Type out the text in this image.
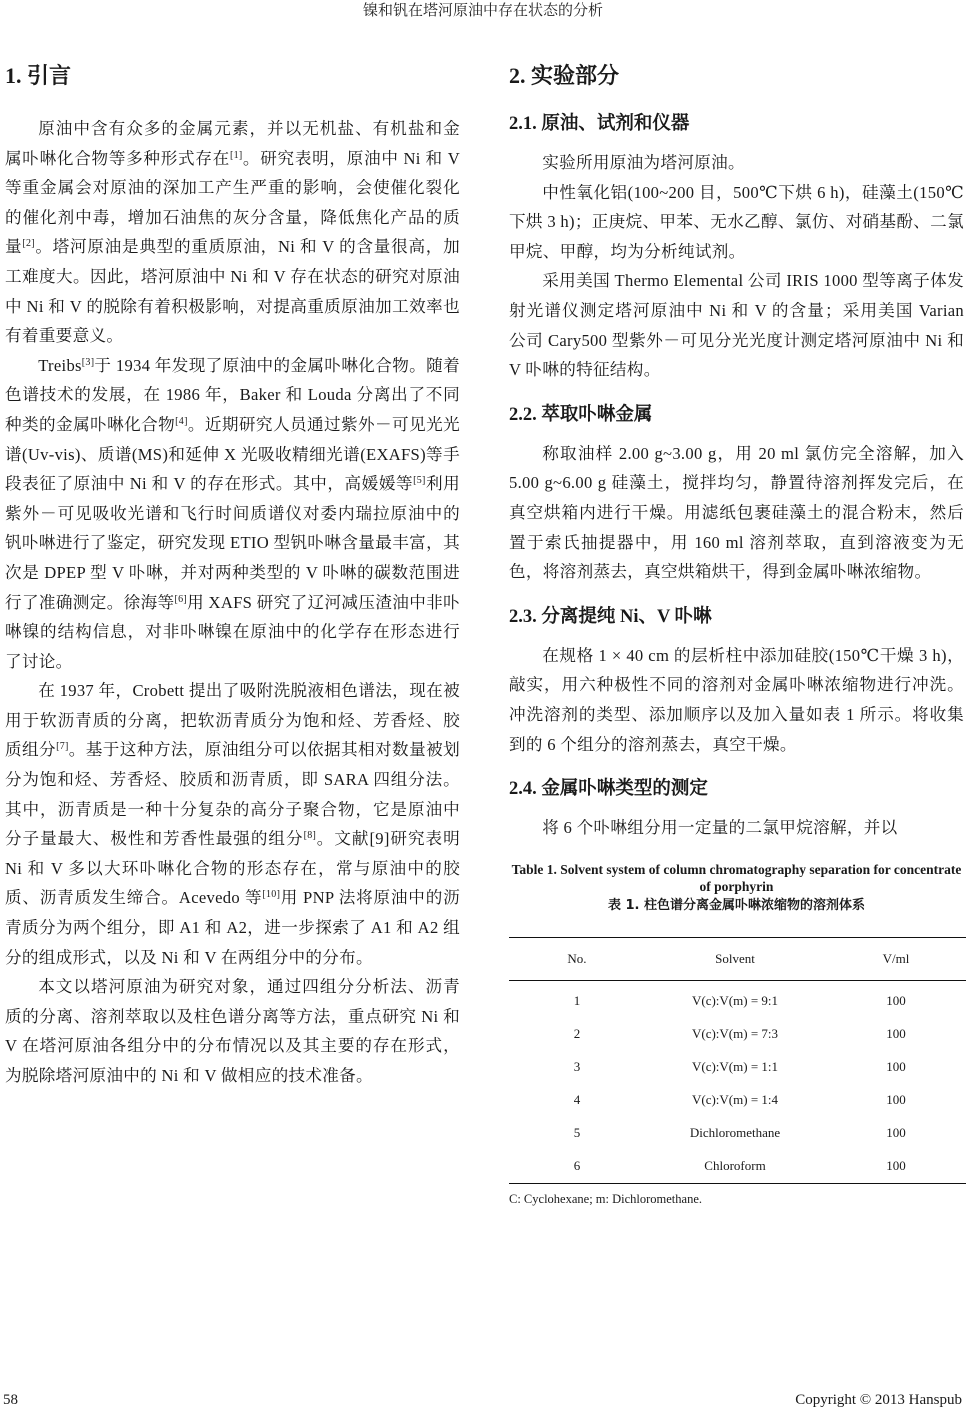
镍和钒在塔河原油中存在状态的分析
1. 引言

原油中含有众多的金属元素，并以无机盐、有机盐和金属卟啉化合物等多种形式存在[1]。研究表明，原油中 Ni 和 V 等重金属会对原油的深加工产生严重的影响，会使催化裂化的催化剂中毒，增加石油焦的灰分含量，降低焦化产品的质量[2]。塔河原油是典型的重质原油，Ni 和 V 的含量很高，加工难度大。因此，塔河原油中 Ni 和 V 存在状态的研究对原油中 Ni 和 V 的脱除有着积极影响，对提高重质原油加工效率也有着重要意义。

Treibs[3]于 1934 年发现了原油中的金属卟啉化合物。随着色谱技术的发展，在 1986 年，Baker 和 Louda 分离出了不同种类的金属卟啉化合物[4]。近期研究人员通过紫外－可见光光谱(Uv-vis)、质谱(MS)和延伸 X 光吸收精细光谱(EXAFS)等手段表征了原油中 Ni 和 V 的存在形式。其中，高媛媛等[5]利用紫外－可见吸收光谱和飞行时间质谱仪对委内瑞拉原油中的钒卟啉进行了鉴定，研究发现 ETIO 型钒卟啉含量最丰富，其次是 DPEP 型 V 卟啉，并对两种类型的 V 卟啉的碳数范围进行了准确测定。徐海等[6]用 XAFS 研究了辽河减压渣油中非卟啉镍的结构信息，对非卟啉镍在原油中的化学存在形态进行了讨论。

在 1937 年，Crobett 提出了吸附洗脱液相色谱法，现在被用于软沥青质的分离，把软沥青质分为饱和烃、芳香烃、胶质组分[7]。基于这种方法，原油组分可以依据其相对数量被划分为饱和烃、芳香烃、胶质和沥青质，即 SARA 四组分法。其中，沥青质是一种十分复杂的高分子聚合物，它是原油中分子量最大、极性和芳香性最强的组分[8]。文献[9]研究表明 Ni 和 V 多以大环卟啉化合物的形态存在，常与原油中的胶质、沥青质发生缔合。Acevedo 等[10]用 PNP 法将原油中的沥青质分为两个组分，即 A1 和 A2，进一步探索了 A1 和 A2 组分的组成形式，以及 Ni 和 V 在两组分中的分布。

本文以塔河原油为研究对象，通过四组分分析法、沥青质的分离、溶剂萃取以及柱色谱分离等方法，重点研究 Ni 和 V 在塔河原油各组分中的分布情况以及其主要的存在形式，为脱除塔河原油中的 Ni 和 V 做相应的技术准备。

2. 实验部分
2.1. 原油、试剂和仪器

实验所用原油为塔河原油。

中性氧化铝(100~200 目，500℃下烘 6 h)，硅藻土(150℃下烘 3 h)；正庚烷、甲苯、无水乙醇、氯仿、对硝基酚、二氯甲烷、甲醇，均为分析纯试剂。

采用美国 Thermo Elemental 公司 IRIS 1000 型等离子体发射光谱仪测定塔河原油中 Ni 和 V 的含量；采用美国 Varian 公司 Cary500 型紫外－可见分光光度计测定塔河原油中 Ni 和 V 卟啉的特征结构。

2.2. 萃取卟啉金属

称取油样 2.00 g~3.00 g，用 20 ml 氯仿完全溶解，加入 5.00 g~6.00 g 硅藻土，搅拌均匀，静置待溶剂挥发完后，在真空烘箱内进行干燥。用滤纸包裹硅藻土的混合粉末，然后置于索氏抽提器中，用 160 ml 溶剂萃取，直到溶液变为无色，将溶剂蒸去，真空烘箱烘干，得到金属卟啉浓缩物。

2.3. 分离提纯 Ni、V 卟啉

在规格 1 × 40 cm 的层析柱中添加硅胶(150℃干燥 3 h)，敲实，用六种极性不同的溶剂对金属卟啉浓缩物进行冲洗。冲洗溶剂的类型、添加顺序以及加入量如表 1 所示。将收集到的 6 个组分的溶剂蒸去，真空干燥。

2.4. 金属卟啉类型的测定

将 6 个卟啉组分用一定量的二氯甲烷溶解，并以

Table 1. Solvent system of column chromatography separation for concentrate of porphyrin
表 1. 柱色谱分离金属卟啉浓缩物的溶剂体系
No.	Solvent	V/ml
1	V(c):V(m) = 9:1	100
2	V(c):V(m) = 7:3	100
3	V(c):V(m) = 1:1	100
4	V(c):V(m) = 1:4	100
5	Dichloromethane	100
6	Chloroform	100
C: Cyclohexane; m: Dichloromethane.
58	Copyright © 2013 Hanspub
